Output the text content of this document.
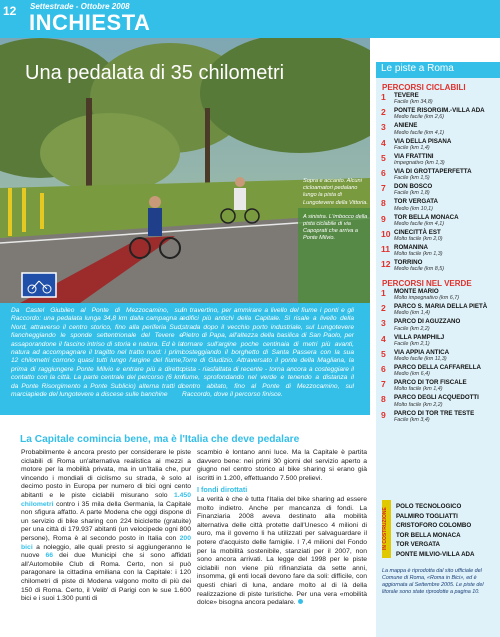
12 Settestrade - Ottobre 2008
INCHIESTA
Una pedalata di 35 chilometri

Sopra e accanto. Alcuni cicloamatori pedalano lungo la pista di Lungotevere della Vittoria.

A sinistra. L'imbocco della pista ciclabile di via Capoprati che arriva a Ponte Milvio.

Da Castel Giubileo al Ponte di Mezzocamino, sul Raccordo: una pedalata lunga 34,8 km dalla campagna a Nord, attraverso il centro storico, fino alla periferia Sud, fiancheggiando le sponde settentrionale del Tevere e assaporandone il fascino intriso di storia e natura. Ed è la natura ad accompagnare il tragitto nel tratto nord: i primi 12 chilometri corrono quasi tutti lungo l'argine del fiume, prima di raggiungere Ponte Milvio e entrare più a diretto contatto con la città. La parte centrale del percorso (6 km da Ponte Risorgimento a Ponte Sublicio) alterna tratti di marciapiede del lungotevere a discese sulle banchine
in travertino, per ammirare a livello del fiume i ponti e gli edifici più antichi della Capitale. Si risale a livello della strada dopo il vecchio porto industriale, sul Lungotevere Pietro di Papa, all'altezza della basilica di San Paolo, per tornare sull'argine poche centinaia di metri più avanti, costeggiando il borghetto di Santa Passera con la sua Torre di Giudizio. Attraversato il ponte della Magliana, la pista - riasfaltata di recente - torna ancora a costeggiare il fiume, sprofondando nel verde e tenendo a distanza il centro abitato, fino al Ponte di Mezzocamino, sul Raccordo, dove il percorso finisce.
La Capitale comincia bene, ma è l'Italia che deve pedalare
Probabilmente è ancora presto per considerare le piste ciclabili di Roma un'alternativa realistica ai mezzi a motore per la mobilità privata, ma in un'Italia che, pur vincendo i mondiali di ciclismo su strada, è solo al decimo posto in Europa per numero di bici ogni cento abitanti e le piste ciclabili misurano solo 1.450 chilometri contro i 35 mila della Germania, la Capitale non sfigura affatto. A parte Modena che oggi dispone di un servizio di bike sharing con 224 biciclette (gratuite) per una città di 179.937 abitanti (un velocipede ogni 800 persone), Roma è al secondo posto in Italia con 200 bici a noleggio, alle quali presto si aggiungeranno le nuove 66 dei due Municipi che si sono affidati all'Automobile Club di Roma. Certo, non si può paragonare la cittadina emiliana con la Capitale: i 120 chilometri di piste di Modena valgono molto di più dei 150 di Roma. Certo, il Velib' di Parigi con le sue 1.600 bici e i suoi 1.300 punti di
scambio è lontano anni luce. Ma la Capitale è partita davvero bene: nei primi 30 giorni del servizio aperto a giugno nel centro storico al bike sharing si erano già iscritti in 1.200, effettuando 7.500 prelievi.
I fondi dirottati
La verità è che è tutta l'Italia del bike sharing ad essere molto indietro. Anche per mancanza di fondi. La Finanziaria 2008 aveva destinato alla mobilità alternativa delle città protette dall'Unesco 4 milioni di euro, ma il governo li ha utilizzati per salvaguardare il potere d'acquisto delle famiglie. I 7,4 milioni del Fondo per la mobilità sostenibile, stanziati per il 2007, non sono ancora arrivati. La legge del 1998 per le piste ciclabili non viene più rifinanziata da sette anni, insomma, gli enti locali devono fare da soli: difficile, con questi chiari di luna, andare molto al di là della realizzazione di piste turistiche. Per una vera «mobilità dolce» bisogna ancora pedalare.
Le piste a Roma
PERCORSI CICLABILI
1 TEVERE
Facile (km 34,8)
2 PONTE RISORGIM.-VILLA ADA
Medio facile (km 2,6)
3 ANIENE
Medio facile (km 4,1)
4 VIA DELLA PISANA
Facile (km 1,4)
5 VIA FRATTINI
Impegnativo (km 1,3)
6 VIA DI GROTTAPERFETTA
Facile (km 1,5)
7 DON BOSCO
Facile (km 1,8)
8 TOR VERGATA
Medio (km 10,1)
9 TOR BELLA MONACA
Medio facile (km 4,1)
10 CINECITTÀ EST
Molto facile (km 2,0)
11 ROMANINA
Molto facile (km 1,3)
12 TORRINO
Medio facile (km 8,5)
PERCORSI NEL VERDE
1 MONTE MARIO
Molto impegnativo (km 6,7)
2 PARCO S. MARIA DELLA PIETÀ
Medio (km 1,4)
3 PARCO DI AGUZZANO
Facile (km 2,2)
4 VILLA PAMPHILJ
Facile (km 2,1)
5 VIA APPIA ANTICA
Medio facile (km 11,3)
6 PARCO DELLA CAFFARELLA
Medio (km 6,4)
7 PARCO DI TOR FISCALE
Molto facile (km 1,4)
8 PARCO DEGLI ACQUEDOTTI
Molto facile (km 2,2)
9 PARCO DI TOR TRE TESTE
Facile (km 3,4)
IN COSTRUZIONE
POLO TECNOLOGICO
PALMIRO TOGLIATTI
CRISTOFORO COLOMBO
TOR BELLA MONACA
TOR VERGATA
PONTE MILVIO-VILLA ADA
La mappa è riprodotta dal sito ufficiale del Comune di Roma, «Roma in Bici», ed è aggiornata al Settembre 2005. Le piste del litorale sono state riprodotte a pagina 10.
